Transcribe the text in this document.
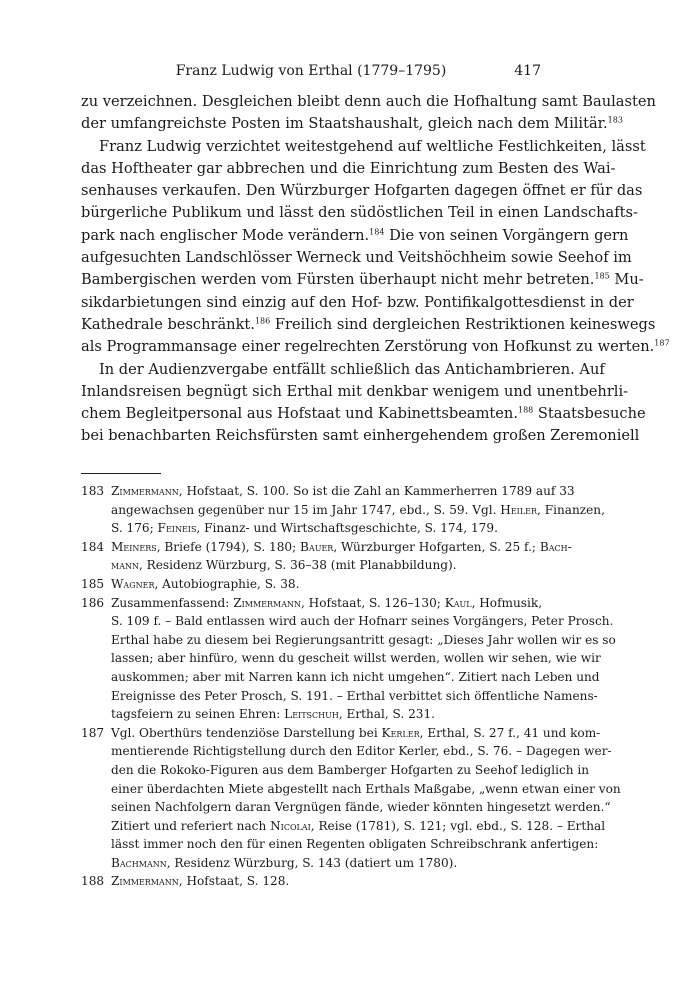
Franz Ludwig von Erthal (1779–1795)	417
zu verzeichnen. Desgleichen bleibt denn auch die Hofhaltung samt Baulasten
der umfangreichste Posten im Staatshaushalt, gleich nach dem Militär.$^{183}$
Franz Ludwig verzichtet weitestgehend auf weltliche Festlichkeiten, lässt
das Hoftheater gar abbrechen und die Einrichtung zum Besten des Wai-
senhauses verkaufen. Den Würzburger Hofgarten dagegen öffnet er für das
bürgerliche Publikum und lässt den südöstlichen Teil in einen Landschafts-
park nach englischer Mode verändern.$^{184}$ Die von seinen Vorgängern gern
aufgesuchten Landschlösser Werneck und Veitshöchheim sowie Seehof im
Bambergischen werden vom Fürsten überhaupt nicht mehr betreten.$^{185}$ Mu-
sikdarbietungen sind einzig auf den Hof- bzw. Pontifikalgottesdienst in der
Kathedrale beschränkt.$^{186}$ Freilich sind dergleichen Restriktionen keineswegs
als Programmansage einer regelrechten Zerstörung von Hofkunst zu werten.$^{187}$
In der Audienzvergabe entfällt schließlich das Antichambrieren. Auf
Inlandsreisen begnügt sich Erthal mit denkbar wenigem und unentbehrli-
chem Begleitpersonal aus Hofstaat und Kabinettsbeamten.$^{188}$ Staatsbesuche
bei benachbarten Reichsfürsten samt einhergehendem großen Zeremoniell
183 Zimmermann, Hofstaat, S. 100. So ist die Zahl an Kammerherren 1789 auf 33
angewachsen gegenüber nur 15 im Jahr 1747, ebd., S. 59. Vgl. Heiler, Finanzen,
S. 176; Feineis, Finanz- und Wirtschaftsgeschichte, S. 174, 179.
184 Meiners, Briefe (1794), S. 180; Bauer, Würzburger Hofgarten, S. 25 f.; Bach-
mann, Residenz Würzburg, S. 36–38 (mit Planabbildung).
185 Wagner, Autobiographie, S. 38.
186 Zusammenfassend: Zimmermann, Hofstaat, S. 126–130; Kaul, Hofmusik,
S. 109 f. – Bald entlassen wird auch der Hofnarr seines Vorgängers, Peter Prosch.
Erthal habe zu diesem bei Regierungsantritt gesagt: „Dieses Jahr wollen wir es so
lassen; aber hinfüro, wenn du gescheit willst werden, wollen wir sehen, wie wir
auskommen; aber mit Narren kann ich nicht umgehen“. Zitiert nach Leben und
Ereignisse des Peter Prosch, S. 191. – Erthal verbittet sich öffentliche Namens-
tagsfeiern zu seinen Ehren: Leitschuh, Erthal, S. 231.
187 Vgl. Oberthürs tendenziöse Darstellung bei Kerler, Erthal, S. 27 f., 41 und kom-
mentierende Richtigstellung durch den Editor Kerler, ebd., S. 76. – Dagegen wer-
den die Rokoko-Figuren aus dem Bamberger Hofgarten zu Seehof lediglich in
einer überdachten Miete abgestellt nach Erthals Maßgabe, „wenn etwan einer von
seinen Nachfolgern daran Vergnügen fände, wieder könnten hingesetzt werden.“
Zitiert und referiert nach Nicolai, Reise (1781), S. 121; vgl. ebd., S. 128. – Erthal
lässt immer noch den für einen Regenten obligaten Schreibschrank anfertigen:
Bachmann, Residenz Würzburg, S. 143 (datiert um 1780).
188 Zimmermann, Hofstaat, S. 128.
